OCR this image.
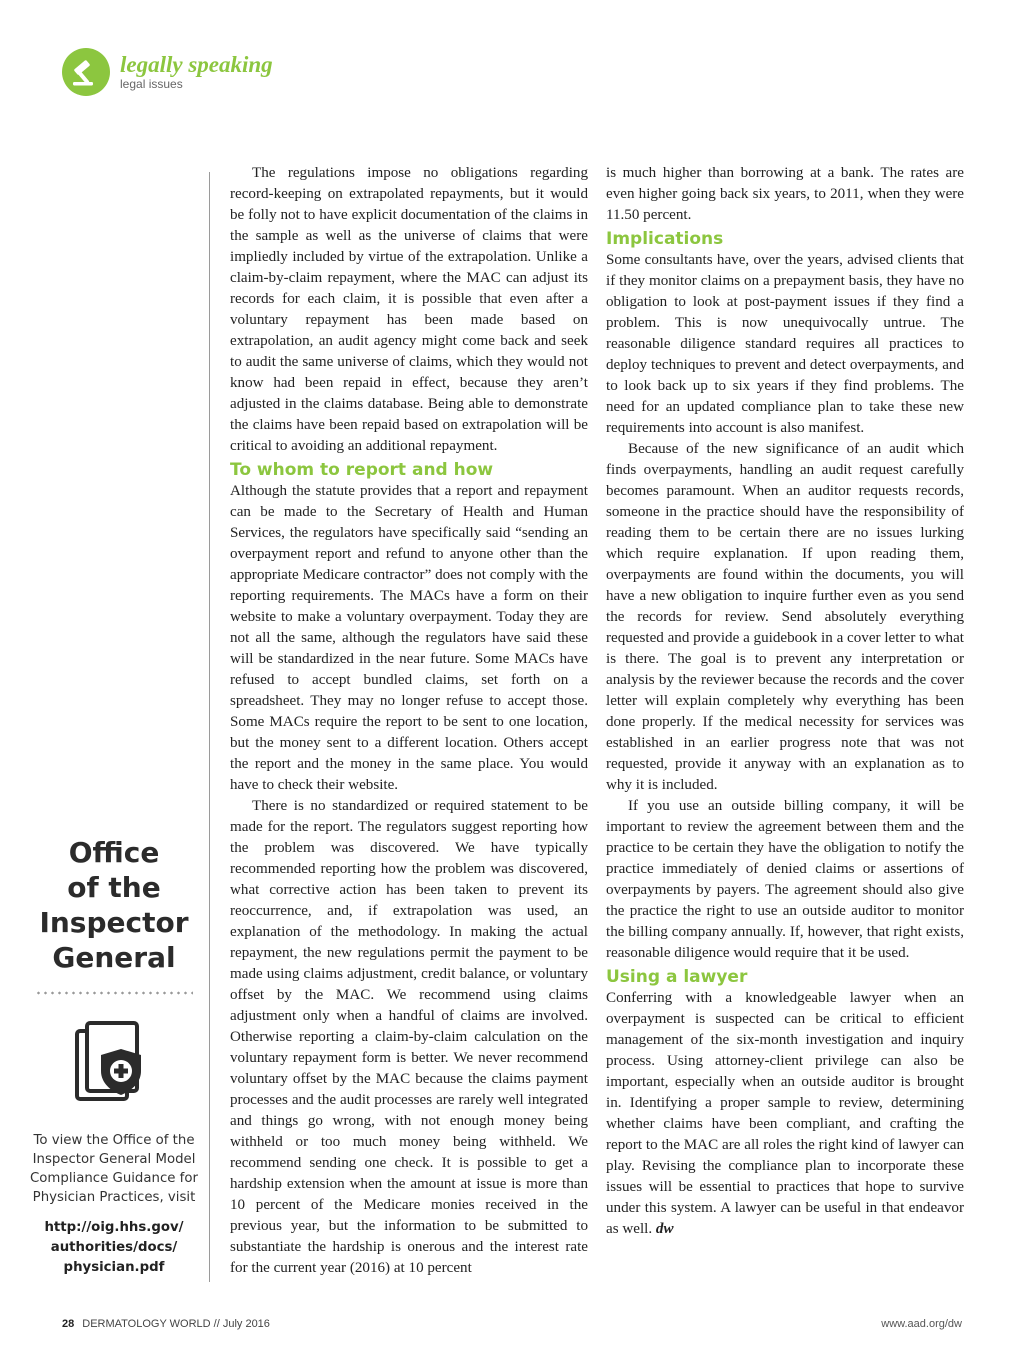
legally speaking
legal issues
Office
of the
Inspector
General
To view the Office of the Inspector General Model Compliance Guidance for Physician Practices, visit
http://oig.hhs.gov/
authorities/docs/
physician.pdf

The regulations impose no obligations regarding record-keeping on extrapolated repayments, but it would be folly not to have explicit documentation of the claims in the sample as well as the universe of claims that were impliedly included by virtue of the extrapolation. Unlike a claim-by-claim repayment, where the MAC can adjust its records for each claim, it is possible that even after a voluntary repayment has been made based on extrapolation, an audit agency might come back and seek to audit the same universe of claims, which they would not know had been repaid in effect, because they aren’t adjusted in the claims database. Being able to demonstrate the claims have been repaid based on extrapolation will be critical to avoiding an additional repayment.

To whom to report and how

Although the statute provides that a report and repayment can be made to the Secretary of Health and Human Services, the regulators have specifically said “sending an overpayment report and refund to anyone other than the appropriate Medicare contractor” does not comply with the reporting requirements. The MACs have a form on their website to make a voluntary overpayment. Today they are not all the same, although the regulators have said these will be standardized in the near future. Some MACs have refused to accept bundled claims, set forth on a spreadsheet. They may no longer refuse to accept those. Some MACs require the report to be sent to one location, but the money sent to a different location. Others accept the report and the money in the same place. You would have to check their website.

There is no standardized or required statement to be made for the report. The regulators suggest reporting how the problem was discovered. We have typically recommended reporting how the problem was discovered, what corrective action has been taken to prevent its reoccurrence, and, if extrapolation was used, an explanation of the methodology. In making the actual repayment, the new regulations permit the payment to be made using claims adjustment, credit balance, or voluntary offset by the MAC. We recommend using claims adjustment only when a handful of claims are involved. Otherwise reporting a claim-by-claim calculation on the voluntary repayment form is better. We never recommend voluntary offset by the MAC because the claims payment processes and the audit processes are rarely well integrated and things go wrong, with not enough money being withheld or too much money being withheld. We recommend sending one check. It is possible to get a hardship extension when the amount at issue is more than 10 percent of the Medicare monies received in the previous year, but the information to be submitted to substantiate the hardship is onerous and the interest rate for the current year (2016) at 10 percent

is much higher than borrowing at a bank. The rates are even higher going back six years, to 2011, when they were 11.50 percent.

Implications

Some consultants have, over the years, advised clients that if they monitor claims on a prepayment basis, they have no obligation to look at post-payment issues if they find a problem. This is now unequivocally untrue. The reasonable diligence standard requires all practices to deploy techniques to prevent and detect overpayments, and to look back up to six years if they find problems. The need for an updated compliance plan to take these new requirements into account is also manifest.

Because of the new significance of an audit which finds overpayments, handling an audit request carefully becomes paramount. When an auditor requests records, someone in the practice should have the responsibility of reading them to be certain there are no issues lurking which require explanation. If upon reading them, overpayments are found within the documents, you will have a new obligation to inquire further even as you send the records for review. Send absolutely everything requested and provide a guidebook in a cover letter to what is there. The goal is to prevent any interpretation or analysis by the reviewer because the records and the cover letter will explain completely why everything has been done properly. If the medical necessity for services was established in an earlier progress note that was not requested, provide it anyway with an explanation as to why it is included.

If you use an outside billing company, it will be important to review the agreement between them and the practice to be certain they have the obligation to notify the practice immediately of denied claims or assertions of overpayments by payers. The agreement should also give the practice the right to use an outside auditor to monitor the billing company annually. If, however, that right exists, reasonable diligence would require that it be used.

Using a lawyer

Conferring with a knowledgeable lawyer when an overpayment is suspected can be critical to efficient management of the six-month investigation and inquiry process. Using attorney-client privilege can also be important, especially when an outside auditor is brought in. Identifying a proper sample to review, determining whether claims have been compliant, and crafting the report to the MAC are all roles the right kind of lawyer can play. Revising the compliance plan to incorporate these issues will be essential to practices that hope to survive under this system. A lawyer can be useful in that endeavor as well. dw

28 DERMATOLOGY WORLD // July 2016	www.aad.org/dw
